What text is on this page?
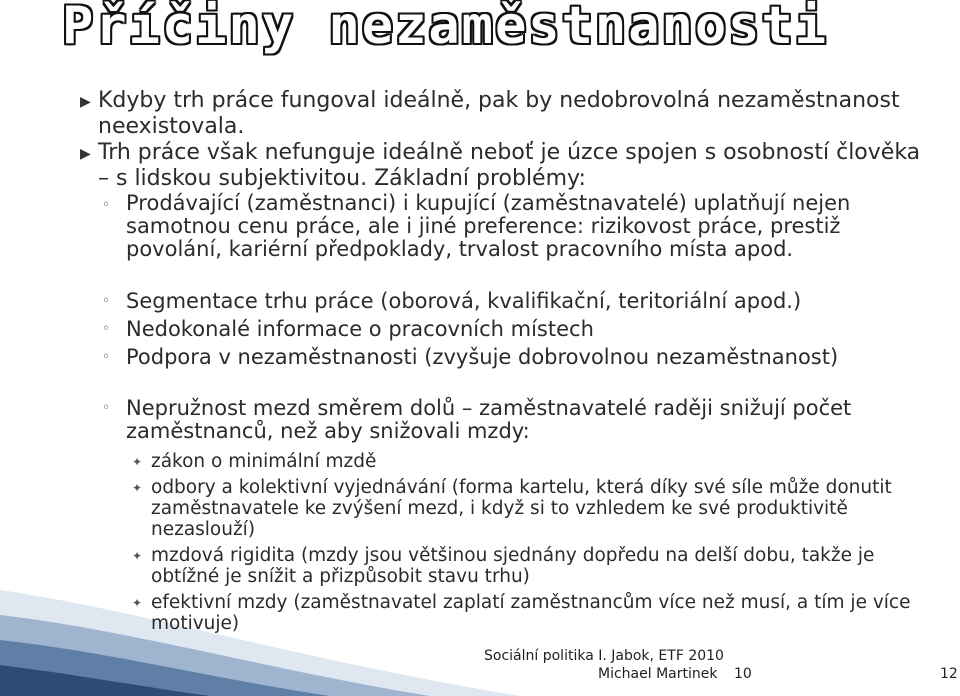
Příčiny nezaměstnanosti
▶ Kdyby trh práce fungoval ideálně, pak by nedobrovolná nezaměstnanost neexistovala.

▶ Trh práce však nefunguje ideálně neboť je úzce spojen s osobností člověka – s lidskou subjektivitou. Základní problémy:

◦ Prodávající (zaměstnanci) i kupující (zaměstnavatelé) uplatňují nejen samotnou cenu práce, ale i jiné preference: rizikovost práce, prestiž povolání, kariérní předpoklady, trvalost pracovního místa apod.

◦ Segmentace trhu práce (oborová, kvalifikační, teritoriální apod.)

◦ Nedokonalé informace o pracovních místech

◦ Podpora v nezaměstnanosti (zvyšuje dobrovolnou nezaměstnanost)

◦ Nepružnost mezd směrem dolů – zaměstnavatelé raději snižují počet zaměstnanců, než aby snižovali mzdy:

✦ zákon o minimální mzdě

✦ odbory a kolektivní vyjednávání (forma kartelu, která díky své síle může donutit zaměstnavatele ke zvýšení mezd, i když si to vzhledem ke své produktivitě nezaslouží)

✦ mzdová rigidita (mzdy jsou většinou sjednány dopředu na delší dobu, takže je obtížné je snížit a přizpůsobit stavu trhu)

✦ efektivní mzdy (zaměstnavatel zaplatí zaměstnancům více než musí, a tím je více motivuje)

Sociální politika I. Jabok, ETF 2010
Michael Martinek 10	12
